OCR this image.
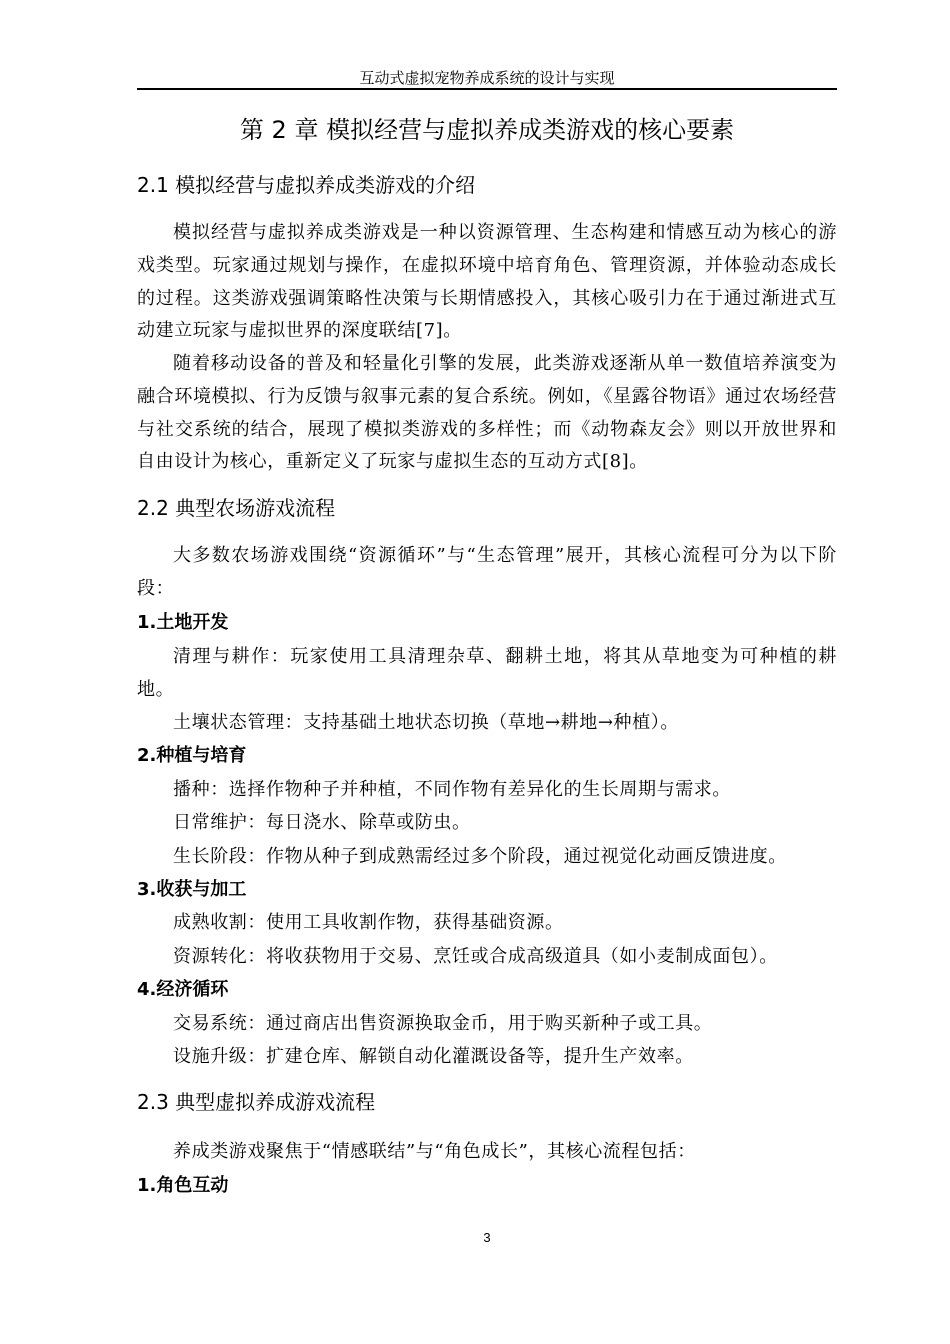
互动式虚拟宠物养成系统的设计与实现
第 2 章 模拟经营与虚拟养成类游戏的核心要素
2.1 模拟经营与虚拟养成类游戏的介绍
模拟经营与虚拟养成类游戏是一种以资源管理、生态构建和情感互动为核心的游戏类型。玩家通过规划与操作，在虚拟环境中培育角色、管理资源，并体验动态成长的过程。这类游戏强调策略性决策与长期情感投入，其核心吸引力在于通过渐进式互动建立玩家与虚拟世界的深度联结[7]。
随着移动设备的普及和轻量化引擎的发展，此类游戏逐渐从单一数值培养演变为融合环境模拟、行为反馈与叙事元素的复合系统。例如，《星露谷物语》通过农场经营与社交系统的结合，展现了模拟类游戏的多样性；而《动物森友会》则以开放世界和自由设计为核心，重新定义了玩家与虚拟生态的互动方式[8]。
2.2 典型农场游戏流程
大多数农场游戏围绕“资源循环”与“生态管理”展开，其核心流程可分为以下阶段：
1.土地开发
清理与耕作：玩家使用工具清理杂草、翻耕土地，将其从草地变为可种植的耕地。
土壤状态管理：支持基础土地状态切换（草地→耕地→种植）。
2.种植与培育
播种：选择作物种子并种植，不同作物有差异化的生长周期与需求。
日常维护：每日浇水、除草或防虫。
生长阶段：作物从种子到成熟需经过多个阶段，通过视觉化动画反馈进度。
3.收获与加工
成熟收割：使用工具收割作物，获得基础资源。
资源转化：将收获物用于交易、烹饪或合成高级道具（如小麦制成面包）。
4.经济循环
交易系统：通过商店出售资源换取金币，用于购买新种子或工具。
设施升级：扩建仓库、解锁自动化灌溉设备等，提升生产效率。
2.3 典型虚拟养成游戏流程
养成类游戏聚焦于“情感联结”与“角色成长”，其核心流程包括：
1.角色互动
3
